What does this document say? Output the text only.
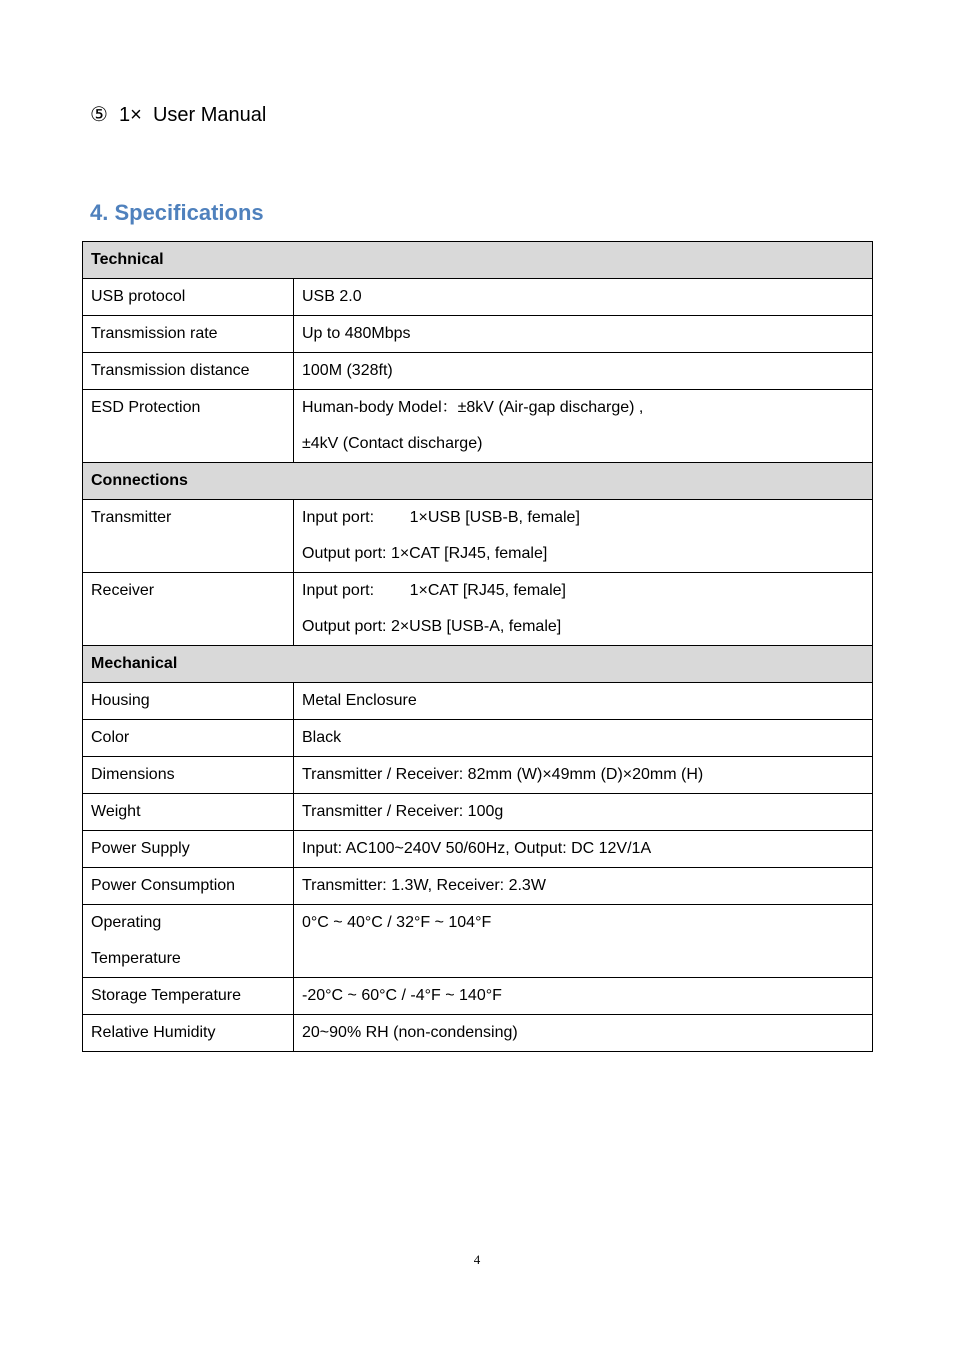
⑤  1×  User Manual
4. Specifications
Technical	

USB protocol	USB 2.0

Transmission rate	Up to 480Mbps

Transmission distance	100M (328ft)

ESD Protection	Human-body Model：±8kV (Air-gap discharge) ,
±4kV (Contact discharge)

Connections	

Transmitter	Input port:        1×USB [USB-B, female]
Output port: 1×CAT [RJ45, female]

Receiver	Input port:        1×CAT [RJ45, female]
Output port: 2×USB [USB-A, female]

Mechanical	

Housing	Metal Enclosure

Color	Black

Dimensions	Transmitter / Receiver: 82mm (W)×49mm (D)×20mm (H)

Weight	Transmitter / Receiver: 100g

Power Supply	Input: AC100~240V 50/60Hz, Output: DC 12V/1A

Power Consumption	Transmitter: 1.3W, Receiver: 2.3W

Operating
Temperature	0°C ~ 40°C / 32°F ~ 104°F

Storage Temperature	-20°C ~ 60°C / -4°F ~ 140°F

Relative Humidity	20~90% RH (non-condensing)
4
